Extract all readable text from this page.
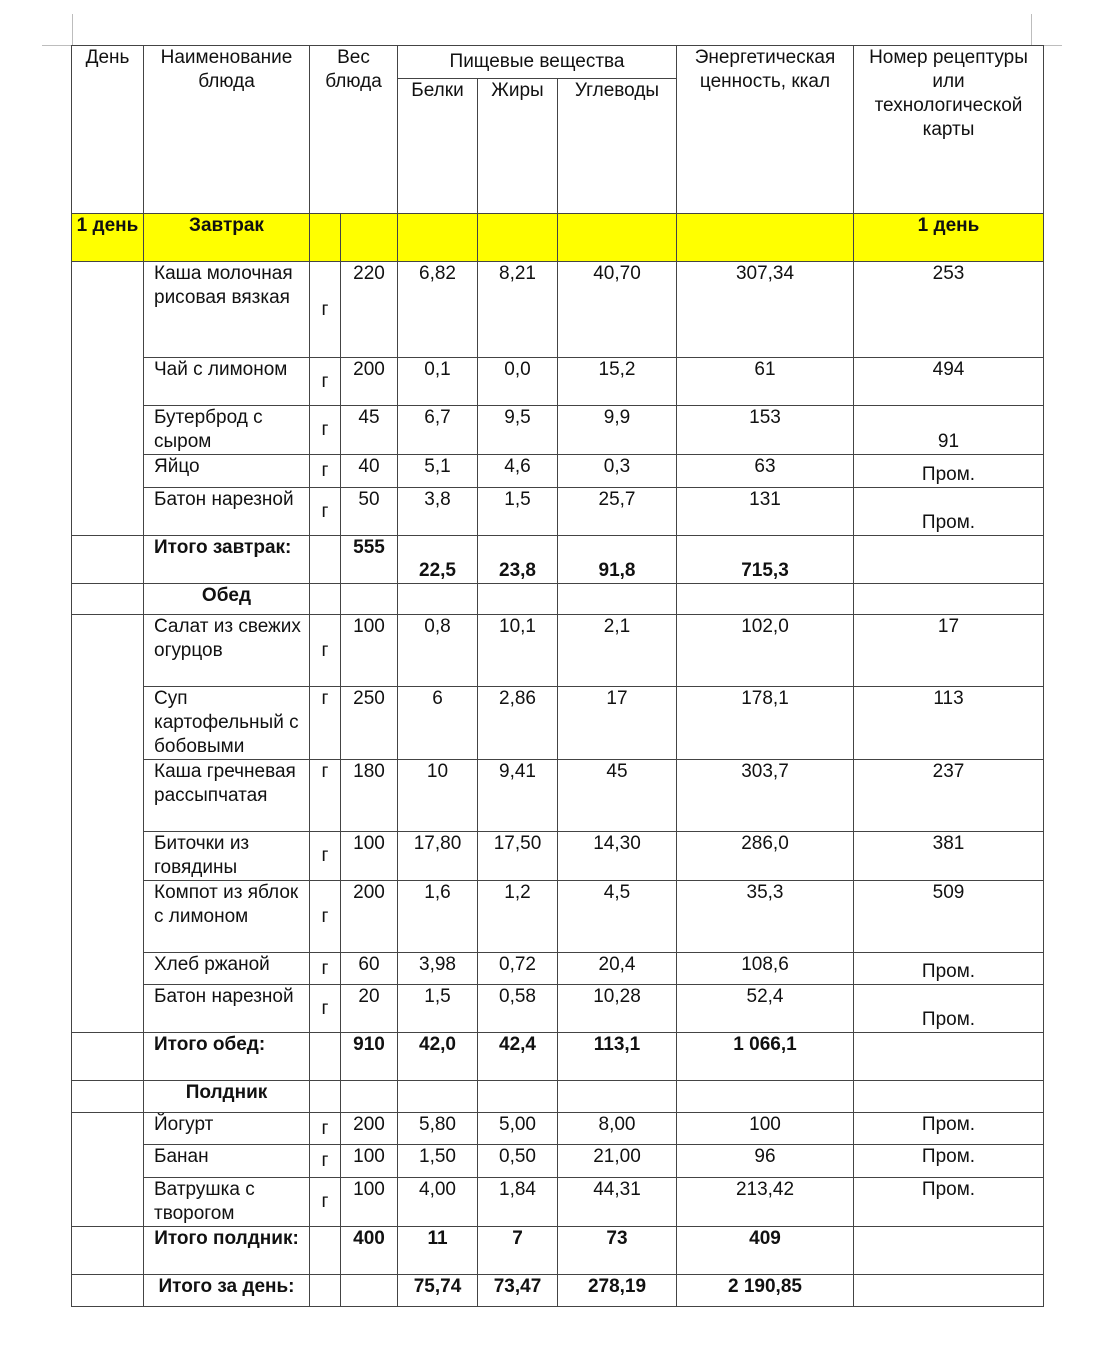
День	Наименование блюда	Вес блюда		Пищевые вещества			Энергетическая ценность, ккал	Номер рецептуры или технологической карты
				Белки	Жиры	Углеводы		
1 день	Завтрак							1 день
	Каша молочная рисовая вязкая	г	220	6,82	8,21	40,70	307,34	253
	Чай с лимоном	г	200	0,1	0,0	15,2	61	494
	Бутерброд с сыром	г	45	6,7	9,5	9,9	153	91
	Яйцо	г	40	5,1	4,6	0,3	63	Пром.
	Батон нарезной	г	50	3,8	1,5	25,7	131	Пром.
	Итого завтрак:		555	22,5	23,8	91,8	715,3	
	Обед							
	Салат из свежих огурцов	г	100	0,8	10,1	2,1	102,0	17
	Суп картофельный с бобовыми	г	250	6	2,86	17	178,1	113
	Каша гречневая рассыпчатая	г	180	10	9,41	45	303,7	237
	Биточки из говядины	г	100	17,80	17,50	14,30	286,0	381
	Компот из яблок с лимоном	г	200	1,6	1,2	4,5	35,3	509
	Хлеб ржаной	г	60	3,98	0,72	20,4	108,6	Пром.
	Батон нарезной	г	20	1,5	0,58	10,28	52,4	Пром.
	Итого обед:		910	42,0	42,4	113,1	1 066,1	
	Полдник							
	Йогурт	г	200	5,80	5,00	8,00	100	Пром.
	Банан	г	100	1,50	0,50	21,00	96	Пром.
	Ватрушка с творогом	г	100	4,00	1,84	44,31	213,42	Пром.
	Итого полдник:		400	11	7	73	409	
	Итого за день:			75,74	73,47	278,19	2 190,85	
